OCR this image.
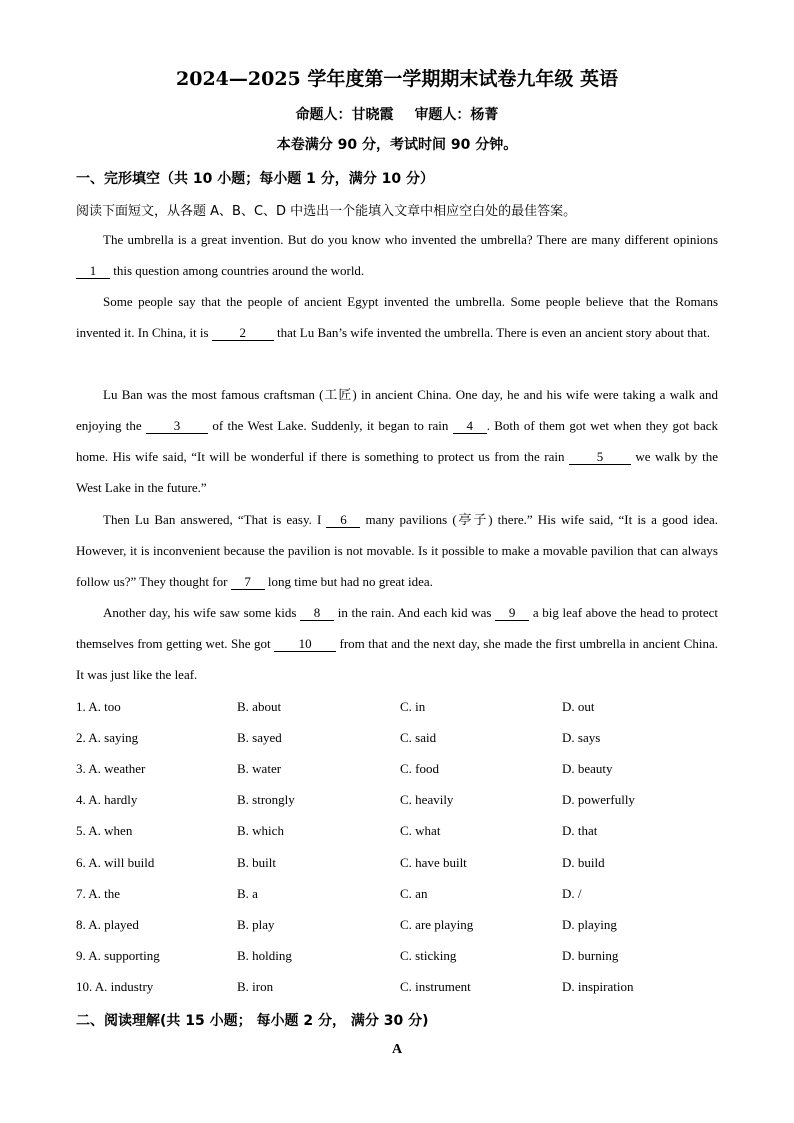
2024—2025 学年度第一学期期末试卷九年级 英语
命题人：甘晓霞 审题人：杨菁
本卷满分 90 分，考试时间 90 分钟。
一、完形填空（共 10 小题；每小题 1 分，满分 10 分）
阅读下面短文，从各题 A、B、C、D 中选出一个能填入文章中相应空白处的最佳答案。
The umbrella is a great invention. But do you know who invented the umbrella? There are many different opinions 1 this question among countries around the world.
Some people say that the people of ancient Egypt invented the umbrella. Some people believe that the Romans invented it. In China, it is 2 that Lu Ban’s wife invented the umbrella. There is even an ancient story about that.
Lu Ban was the most famous craftsman (工匠) in ancient China. One day, he and his wife were taking a walk and enjoying the 3 of the West Lake. Suddenly, it began to rain 4 . Both of them got wet when they got back home. His wife said, “It will be wonderful if there is something to protect us from the rain 5 we walk by the West Lake in the future.”
Then Lu Ban answered, “That is easy. I 6 many pavilions (亭子) there.” His wife said, “It is a good idea. However, it is inconvenient because the pavilion is not movable. Is it possible to make a movable pavilion that can always follow us?” They thought for 7 long time but had no great idea.
Another day, his wife saw some kids 8 in the rain. And each kid was 9 a big leaf above the head to protect themselves from getting wet. She got 10 from that and the next day, she made the first umbrella in ancient China. It was just like the leaf.
1. A. too	B. about	C. in	D. out
2. A. saying	B. sayed	C. said	D. says
3. A. weather	B. water	C. food	D. beauty
4. A. hardly	B. strongly	C. heavily	D. powerfully
5. A. when	B. which	C. what	D. that
6. A. will build	B. built	C. have built	D. build
7. A. the	B. a	C. an	D. /
8. A. played	B. play	C. are playing	D. playing
9. A. supporting	B. holding	C. sticking	D. burning
10. A. industry	B. iron	C. instrument	D. inspiration
二、阅读理解(共 15 小题； 每小题 2 分， 满分 30 分)
A
